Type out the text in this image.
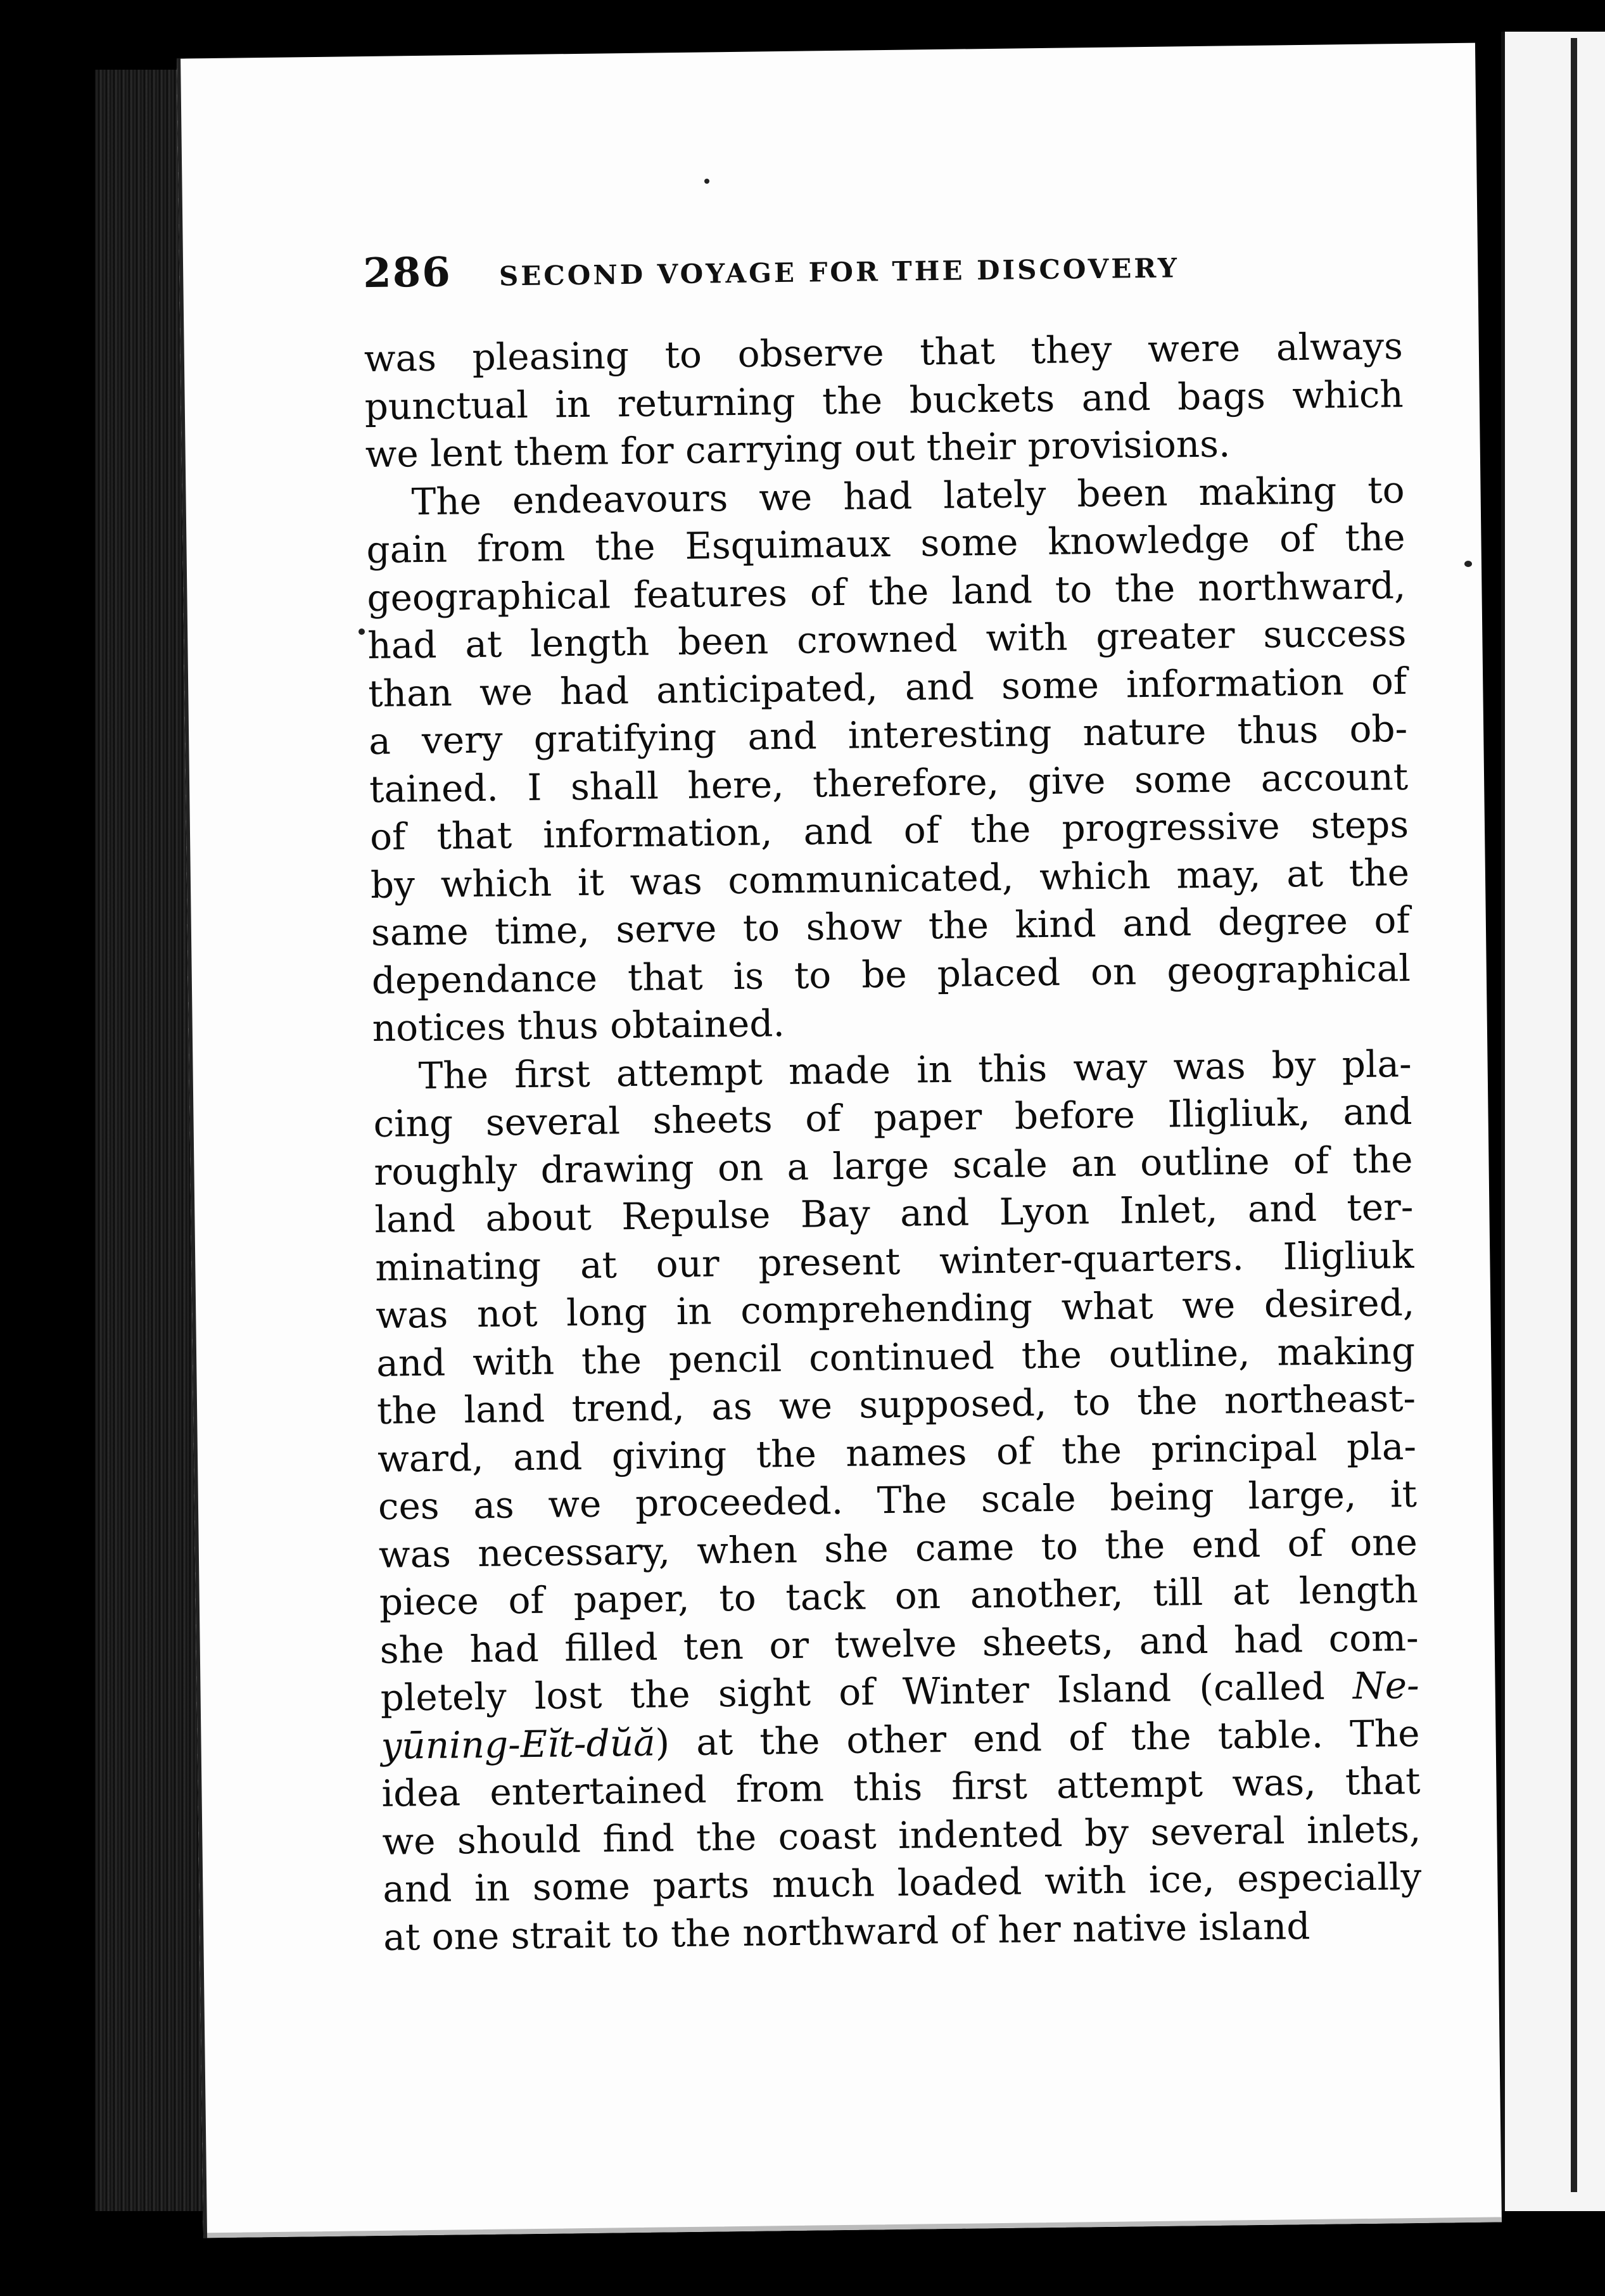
286 SECOND VOYAGE FOR THE DISCOVERY
was pleasing to observe that they were always
punctual in returning the buckets and bags which
we lent them for carrying out their provisions.
The endeavours we had lately been making to
gain from the Esquimaux some knowledge of the
geographical features of the land to the northward,
had at length been crowned with greater success
than we had anticipated, and some information of
a very gratifying and interesting nature thus ob-
tained. I shall here, therefore, give some account
of that information, and of the progressive steps
by which it was communicated, which may, at the
same time, serve to show the kind and degree of
dependance that is to be placed on geographical
notices thus obtained.
The first attempt made in this way was by pla-
cing several sheets of paper before Iligliuk, and
roughly drawing on a large scale an outline of the
land about Repulse Bay and Lyon Inlet, and ter-
minating at our present winter-quarters. Iligliuk
was not long in comprehending what we desired,
and with the pencil continued the outline, making
the land trend, as we supposed, to the northeast-
ward, and giving the names of the principal pla-
ces as we proceeded. The scale being large, it
was necessary, when she came to the end of one
piece of paper, to tack on another, till at length
she had filled ten or twelve sheets, and had com-
pletely lost the sight of Winter Island (called Ne-
yūning-Eĭt-dŭă) at the other end of the table. The
idea entertained from this first attempt was, that
we should find the coast indented by several inlets,
and in some parts much loaded with ice, especially
at one strait to the northward of her native island
